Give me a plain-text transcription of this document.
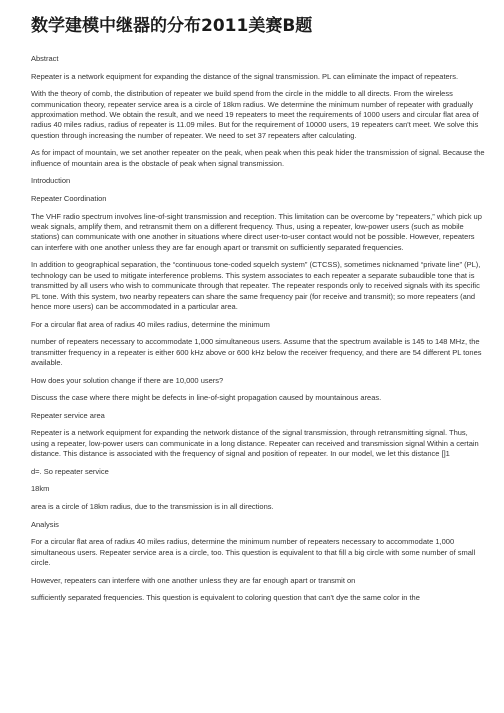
数学建模中继器的分布2011美赛B题

Abstract

Repeater is a network equipment for expanding the distance of the signal transmission. PL can eliminate the impact of repeaters.

With the theory of comb, the distribution of repeater we build spend from the circle in the middle to all directs. From the wireless communication theory, repeater service area is a circle of 18km radius. We determine the minimum number of repeater with gradually approximation method. We obtain the result, and we need 19 repeaters to meet the requirements of 1000 users and circular flat area of radius 40 miles radius, radius of repeater is 11.09 miles. But for the requirement of 10000 users, 19 repeaters can't meet. We solve this question through increasing the number of repeater. We need to set 37 repeaters after calculating.

As for impact of mountain, we set another repeater on the peak, when peak when this peak hider the transmission of signal. Because the influence of mountain area is the obstacle of peak when signal transmission.

Introduction

Repeater Coordination

The VHF radio spectrum involves line-of-sight transmission and reception. This limitation can be overcome by “repeaters,” which pick up weak signals, amplify them, and retransmit them on a different frequency. Thus, using a repeater, low-power users (such as mobile stations) can communicate with one another in situations where direct user-to-user contact would not be possible. However, repeaters can interfere with one another unless they are far enough apart or transmit on sufficiently separated frequencies.

In addition to geographical separation, the “continuous tone-coded squelch system” (CTCSS), sometimes nicknamed “private line” (PL), technology can be used to mitigate interference problems. This system associates to each repeater a separate subaudible tone that is transmitted by all users who wish to communicate through that repeater. The repeater responds only to received signals with its specific PL tone. With this system, two nearby repeaters can share the same frequency pair (for receive and transmit); so more repeaters (and hence more users) can be accommodated in a particular area.

For a circular flat area of radius 40 miles radius, determine the minimum

number of repeaters necessary to accommodate 1,000 simultaneous users. Assume that the spectrum available is 145 to 148 MHz, the transmitter frequency in a repeater is either 600 kHz above or 600 kHz below the receiver frequency, and there are 54 different PL tones available.

How does your solution change if there are 10,000 users?

Discuss the case where there might be defects in line-of-sight propagation caused by mountainous areas.

Repeater service area

Repeater is a network equipment for expanding the network distance of the signal transmission, through retransmitting signal. Thus, using a repeater, low-power users can communicate in a long distance. Repeater can received and transmission signal Within a certain distance. This distance is associated with the frequency of signal and position of repeater. In our model, we let this distance []1

d=. So repeater service

18km

area is a circle of 18km radius, due to the transmission is in all directions.

Analysis

For a circular flat area of radius 40 miles radius, determine the minimum number of repeaters necessary to accommodate 1,000 simultaneous users. Repeater service area is a circle, too. This question is equivalent to that fill a big circle with some number of small circle.

However, repeaters can interfere with one another unless they are far enough apart or transmit on

sufficiently separated frequencies. This question is equivalent to coloring question that can't dye the same color in the
